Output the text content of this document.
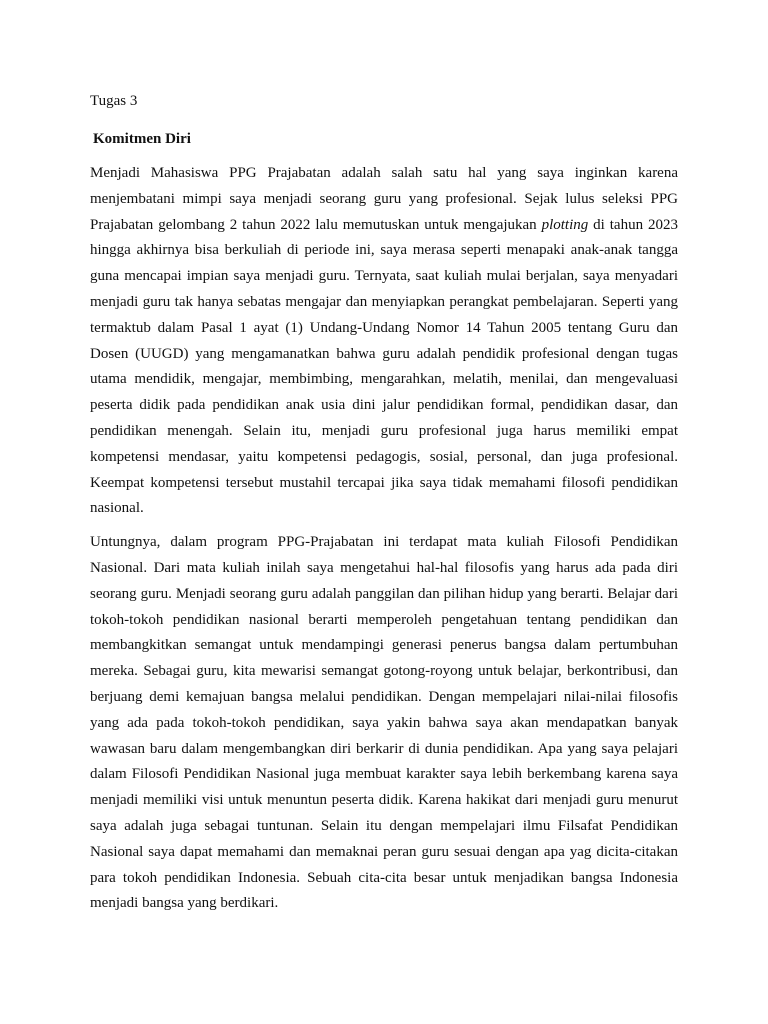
Tugas 3

Komitmen Diri

Menjadi Mahasiswa PPG Prajabatan adalah salah satu hal yang saya inginkan karena menjembatani mimpi saya menjadi seorang guru yang profesional. Sejak lulus seleksi PPG Prajabatan gelombang 2 tahun 2022 lalu memutuskan untuk mengajukan plotting di tahun 2023 hingga akhirnya bisa berkuliah di periode ini, saya merasa seperti menapaki anak-anak tangga guna mencapai impian saya menjadi guru. Ternyata, saat kuliah mulai berjalan, saya menyadari menjadi guru tak hanya sebatas mengajar dan menyiapkan perangkat pembelajaran. Seperti yang termaktub dalam Pasal 1 ayat (1) Undang-Undang Nomor 14 Tahun 2005 tentang Guru dan Dosen (UUGD) yang mengamanatkan bahwa guru adalah pendidik profesional dengan tugas utama mendidik, mengajar, membimbing, mengarahkan, melatih, menilai, dan mengevaluasi peserta didik pada pendidikan anak usia dini jalur pendidikan formal, pendidikan dasar, dan pendidikan menengah. Selain itu, menjadi guru profesional juga harus memiliki empat kompetensi mendasar, yaitu kompetensi pedagogis, sosial, personal, dan juga profesional. Keempat kompetensi tersebut mustahil tercapai jika saya tidak memahami filosofi pendidikan nasional.

Untungnya, dalam program PPG-Prajabatan ini terdapat mata kuliah Filosofi Pendidikan Nasional. Dari mata kuliah inilah saya mengetahui hal-hal filosofis yang harus ada pada diri seorang guru. Menjadi seorang guru adalah panggilan dan pilihan hidup yang berarti. Belajar dari tokoh-tokoh pendidikan nasional berarti memperoleh pengetahuan tentang pendidikan dan membangkitkan semangat untuk mendampingi generasi penerus bangsa dalam pertumbuhan mereka. Sebagai guru, kita mewarisi semangat gotong-royong untuk belajar, berkontribusi, dan berjuang demi kemajuan bangsa melalui pendidikan. Dengan mempelajari nilai-nilai filosofis yang ada pada tokoh-tokoh pendidikan, saya yakin bahwa saya akan mendapatkan banyak wawasan baru dalam mengembangkan diri berkarir di dunia pendidikan. Apa yang saya pelajari dalam Filosofi Pendidikan Nasional juga membuat karakter saya lebih berkembang karena saya menjadi memiliki visi untuk menuntun peserta didik. Karena hakikat dari menjadi guru menurut saya adalah juga sebagai tuntunan. Selain itu dengan mempelajari ilmu Filsafat Pendidikan Nasional saya dapat memahami dan memaknai peran guru sesuai dengan apa yag dicita-citakan para tokoh pendidikan Indonesia. Sebuah cita-cita besar untuk menjadikan bangsa Indonesia menjadi bangsa yang berdikari.
